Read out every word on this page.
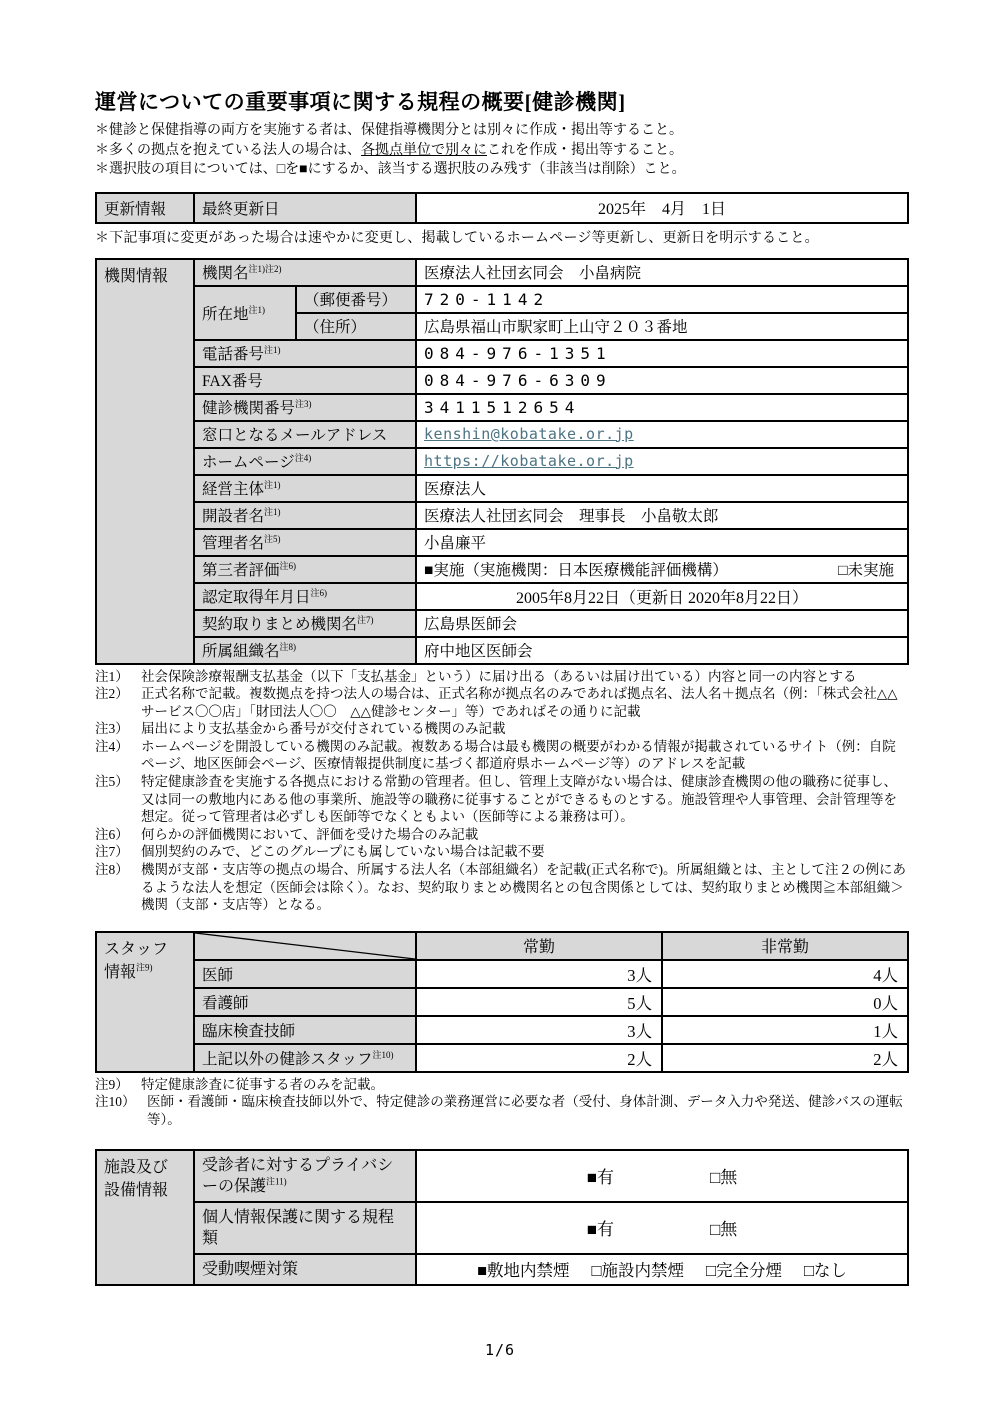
運営についての重要事項に関する規程の概要[健診機関]
＊健診と保健指導の両方を実施する者は、保健指導機関分とは別々に作成・掲出等すること。
＊多くの拠点を抱えている法人の場合は、各拠点単位で別々にこれを作成・掲出等すること。
＊選択肢の項目については、□を■にするか、該当する選択肢のみ残す（非該当は削除）こと。
更新情報	最終更新日	2025年　4月　1日
＊下記事項に変更があった場合は速やかに変更し、掲載しているホームページ等更新し、更新日を明示すること。
機関情報	機関名$^{注1)注2)}$		医療法人社団玄同会　小畠病院
	所在地$^{注1)}$	（郵便番号）	720-1142
		（住所）	広島県福山市駅家町上山守２０３番地
	電話番号$^{注1)}$		084-976-1351
	FAX番号		084-976-6309
	健診機関番号$^{注3)}$		3411512654
	窓口となるメールアドレス		kenshin@kobatake.or.jp
	ホームページ$^{注4)}$		https://kobatake.or.jp
	経営主体$^{注1)}$		医療法人
	開設者名$^{注1)}$		医療法人社団玄同会　理事長　小畠敬太郎
	管理者名$^{注5)}$		小畠廉平
	第三者評価$^{注6)}$		■実施（実施機関：日本医療機能評価機構） □未実施

	認定取得年月日$^{注6)}$		2005年8月22日（更新日 2020年8月22日）
	契約取りまとめ機関名$^{注7)}$		広島県医師会
	所属組織名$^{注8)}$		府中地区医師会
注1） 社会保険診療報酬支払基金（以下「支払基金」という）に届け出る（あるいは届け出ている）内容と同一の内容とする
注2） 正式名称で記載。複数拠点を持つ法人の場合は、正式名称が拠点名のみであれば拠点名、法人名＋拠点名（例：「株式会社△△サービス〇〇店」「財団法人〇〇　△△健診センター」等）であればその通りに記載
注3） 届出により支払基金から番号が交付されている機関のみ記載
注4） ホームページを開設している機関のみ記載。複数ある場合は最も機関の概要がわかる情報が掲載されているサイト（例：自院ページ、地区医師会ページ、医療情報提供制度に基づく都道府県ホームページ等）のアドレスを記載
注5） 特定健康診査を実施する各拠点における常勤の管理者。但し、管理上支障がない場合は、健康診査機関の他の職務に従事し、又は同一の敷地内にある他の事業所、施設等の職務に従事することができるものとする。施設管理や人事管理、会計管理等を想定。従って管理者は必ずしも医師等でなくともよい（医師等による兼務は可）。
注6） 何らかの評価機関において、評価を受けた場合のみ記載
注7） 個別契約のみで、どこのグループにも属していない場合は記載不要
注8） 機関が支部・支店等の拠点の場合、所属する法人名（本部組織名）を記載(正式名称で)。所属組織とは、主として注２の例にあるような法人を想定（医師会は除く）。なお、契約取りまとめ機関名との包含関係としては、契約取りまとめ機関≧本部組織＞機関（支部・支店等）となる。
スタッフ
情報$^{注9)}$		常勤	非常勤
	医師	3人	4人
	看護師	5人	0人
	臨床検査技師	3人	1人
	上記以外の健診スタッフ$^{注10)}$	2人	2人
注9） 特定健康診査に従事する者のみを記載。
注10） 医師・看護師・臨床検査技師以外で、特定健診の業務運営に必要な者（受付、身体計測、データ入力や発送、健診バスの運転等）。
施設及び
設備情報
	受診者に対するプライバシーの保護$^{注11)}$	■有	□無

	個人情報保護に関する規程類	■有 □無

	受動喫煙対策	■敷地内禁煙 □施設内禁煙 □完全分煙 □なし
1/6
